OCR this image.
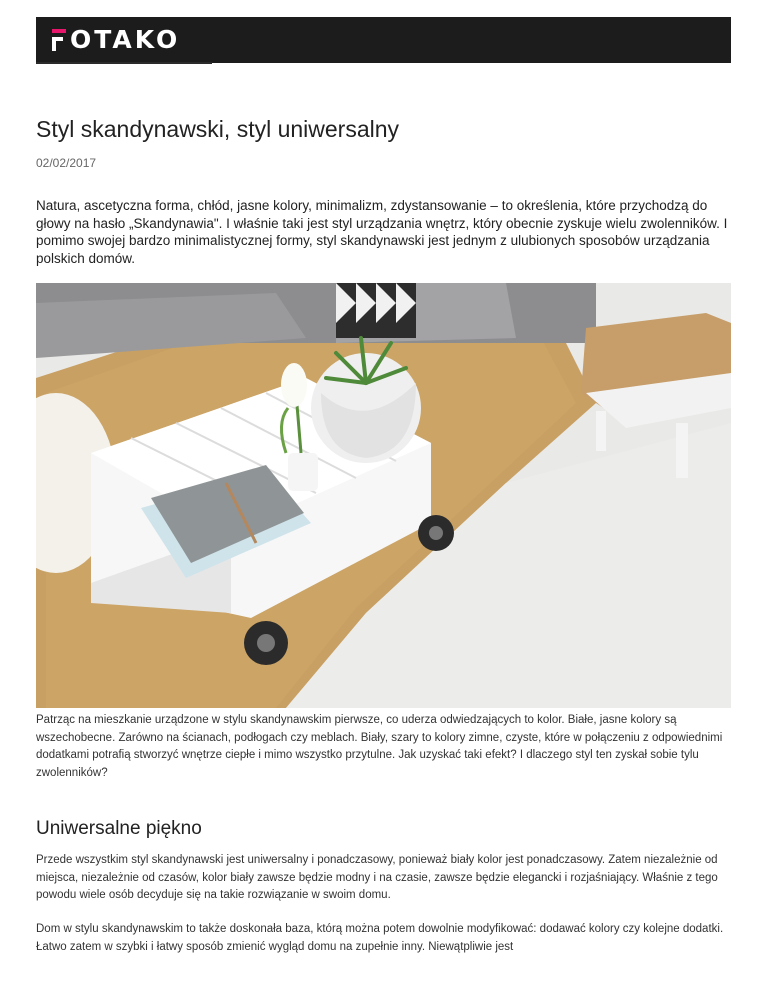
OTAKO
Styl skandynawski, styl uniwersalny
02/02/2017

Natura, ascetyczna forma, chłód, jasne kolory, minimalizm, zdystansowanie – to określenia, które przychodzą do głowy na hasło „Skandynawia". I właśnie taki jest styl urządzania wnętrz, który obecnie zyskuje wielu zwolenników. I pomimo swojej bardzo minimalistycznej formy, styl skandynawski jest jednym z ulubionych sposobów urządzania polskich domów.

Patrząc na mieszkanie urządzone w stylu skandynawskim pierwsze, co uderza odwiedzających to kolor. Białe, jasne kolory są wszechobecne. Zarówno na ścianach, podłogach czy meblach. Biały, szary to kolory zimne, czyste, które w połączeniu z odpowiednimi dodatkami potrafią stworzyć wnętrze ciepłe i mimo wszystko przytulne. Jak uzyskać taki efekt? I dlaczego styl ten zyskał sobie tylu zwolenników?

Uniwersalne piękno

Przede wszystkim styl skandynawski jest uniwersalny i ponadczasowy, ponieważ biały kolor jest ponadczasowy. Zatem niezależnie od miejsca, niezależnie od czasów, kolor biały zawsze będzie modny i na czasie, zawsze będzie elegancki i rozjaśniający. Właśnie z tego powodu wiele osób decyduje się na takie rozwiązanie w swoim domu.

Dom w stylu skandynawskim to także doskonała baza, którą można potem dowolnie modyfikować: dodawać kolory czy kolejne dodatki. Łatwo zatem w szybki i łatwy sposób zmienić wygląd domu na zupełnie inny. Niewątpliwie jest
